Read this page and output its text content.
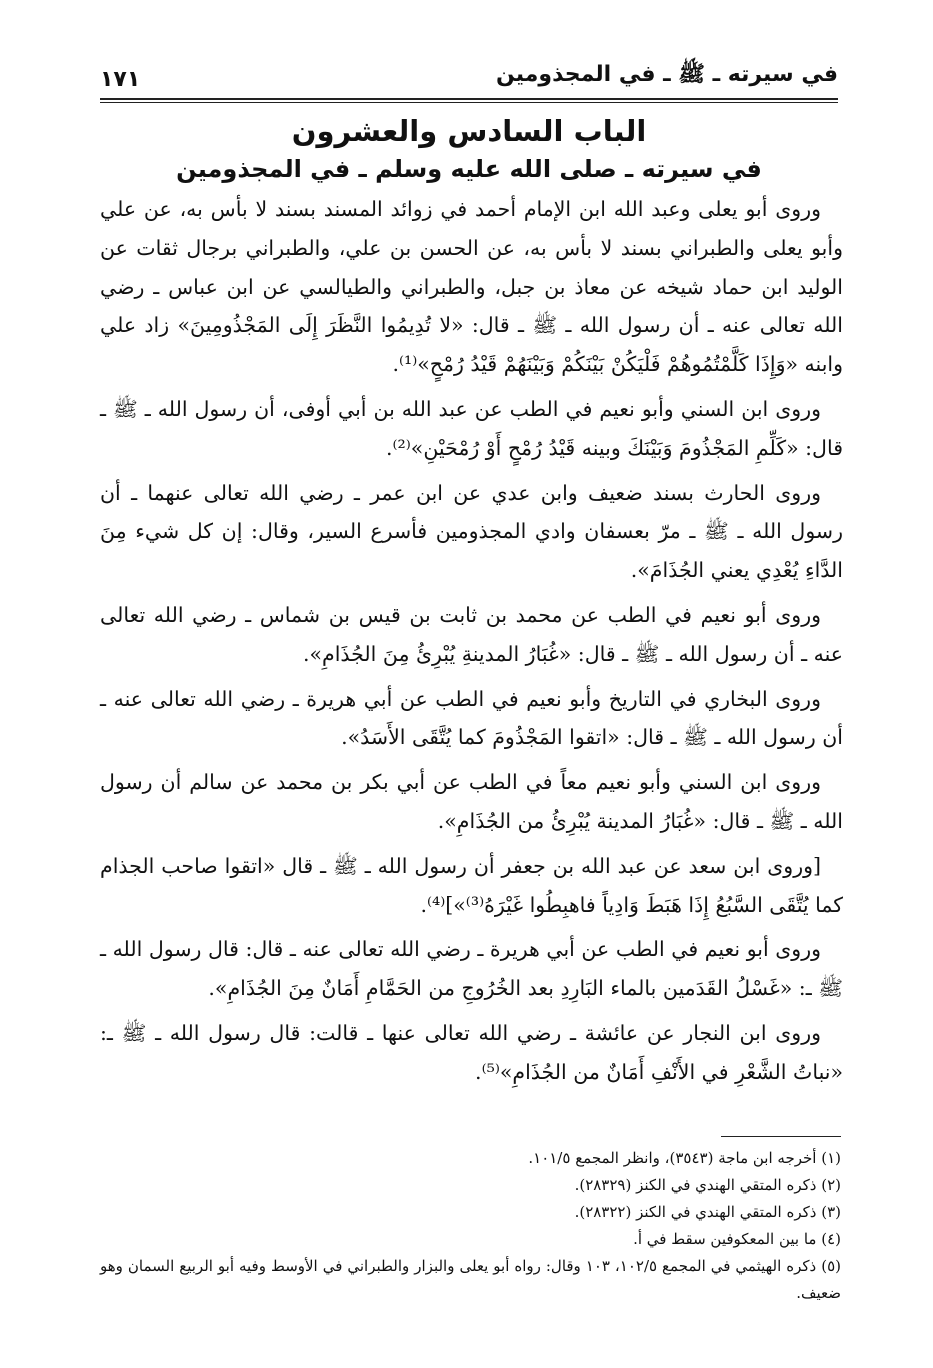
في سيرته ـ ﷺ ـ في المجذومين
١٧١
الباب السادس والعشرون
في سيرته ـ صلى الله عليه وسلم ـ في المجذومين

وروى أبو يعلى وعبد الله ابن الإمام أحمد في زوائد المسند بسند لا بأس به، عن علي وأبو يعلى والطبراني بسند لا بأس به، عن الحسن بن علي، والطبراني برجال ثقات عن الوليد ابن حماد شيخه عن معاذ بن جبل، والطبراني والطيالسي عن ابن عباس ـ رضي الله تعالى عنه ـ أن رسول الله ـ ﷺ ـ قال: «لا تُدِيمُوا النَّظَرَ إِلَى المَجْذُومِينَ» زاد علي وابنه «وَإِذَا كَلَّمْتُمُوهُمْ فَلْيَكُنْ بَيْنَكُمْ وَبَيْنَهُمْ قَيْدُ رُمْحٍ»⁽¹⁾.

وروى ابن السني وأبو نعيم في الطب عن عبد الله بن أبي أوفى، أن رسول الله ـ ﷺ ـ قال: «كَلِّمِ المَجْذُومَ وَبَيْنَكَ وبينه قَيْدُ رُمْحٍ أَوْ رُمْحَيْنِ»⁽²⁾.

وروى الحارث بسند ضعيف وابن عدي عن ابن عمر ـ رضي الله تعالى عنهما ـ أن رسول الله ـ ﷺ ـ مرّ بعسفان وادي المجذومين فأسرع السير، وقال: إن كل شيء مِنَ الدَّاءِ يُعْدِي يعني الجُذَامَ».

وروى أبو نعيم في الطب عن محمد بن ثابت بن قيس بن شماس ـ رضي الله تعالى عنه ـ أن رسول الله ـ ﷺ ـ قال: «غُبَارُ المدينةِ يُبْرِئُ مِنَ الجُذَامِ».

وروى البخاري في التاريخ وأبو نعيم في الطب عن أبي هريرة ـ رضي الله تعالى عنه ـ أن رسول الله ـ ﷺ ـ قال: «اتقوا المَجْذُومَ كما يُتَّقَى الأَسَدُ».

وروى ابن السني وأبو نعيم معاً في الطب عن أبي بكر بن محمد عن سالم أن رسول الله ـ ﷺ ـ قال: «غُبَارُ المدينة يُبْرِئُ من الجُذَامِ».

[وروى ابن سعد عن عبد الله بن جعفر أن رسول الله ـ ﷺ ـ قال «اتقوا صاحب الجذام كما يُتَّقَى السَّبُعُ إِذَا هَبَطَ وَادِياً فاهبِطُوا غَيْرَهُ⁽³⁾»]⁽⁴⁾.

وروى أبو نعيم في الطب عن أبي هريرة ـ رضي الله تعالى عنه ـ قال: قال رسول الله ـ ﷺ ـ: «غَسْلُ القَدَمين بالماء البَارِدِ بعد الخُرُوجِ من الحَمَّامِ أَمَانٌ مِنَ الجُذَامِ».

وروى ابن النجار عن عائشة ـ رضي الله تعالى عنها ـ قالت: قال رسول الله ـ ﷺ ـ: «نباتُ الشَّعْرِ في الأَنْفِ أَمَانٌ من الجُذَامِ»⁽⁵⁾.

(١) أخرجه ابن ماجة (٣٥٤٣)، وانظر المجمع ١٠١/٥.
(٢) ذكره المتقي الهندي في الكنز (٢٨٣٢٩).
(٣) ذكره المتقي الهندي في الكنز (٢٨٣٢٢).
(٤) ما بين المعكوفين سقط في أ.
(٥) ذكره الهيثمي في المجمع ١٠٢/٥، ١٠٣ وقال: رواه أبو يعلى والبزار والطبراني في الأوسط وفيه أبو الربيع السمان وهو ضعيف.
